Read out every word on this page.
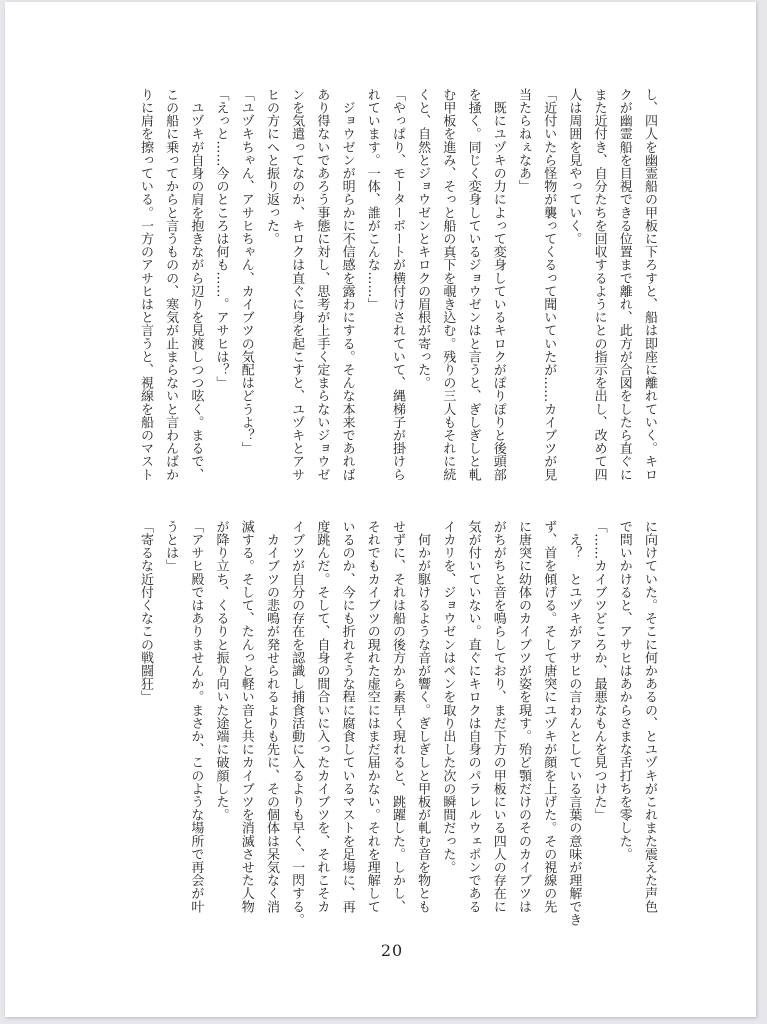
し、四人を幽霊船の甲板に下ろすと、船は即座に離れていく。キロ
クが幽霊船を目視できる位置まで離れ、此方が合図をしたら直ぐに
また近付き、自分たちを回収するようにとの指示を出し、改めて四
人は周囲を見やっていく。
「近付いたら怪物が襲ってくるって聞いていたが……カイブツが見
当たらねぇなあ」
　既にユヅキの力によって変身しているキロクがぽりぽりと後頭部
を掻く。同じく変身しているジョウゼンはと言うと、ぎしぎしと軋
む甲板を進み、そっと船の真下を覗き込む。残りの三人もそれに続
くと、自然とジョウゼンとキロクの眉根が寄った。
「やっぱり、モーターボートが横付けされていて、縄梯子が掛けら
れています。一体、誰がこんな……」
　ジョウゼンが明らかに不信感を露わにする。そんな本来であれば
あり得ないであろう事態に対し、思考が上手く定まらないジョウゼ
ンを気遣ってなのか、キロクは直ぐに身を起こすと、ユヅキとアサ
ヒの方にへと振り返った。
「ユヅキちゃん、アサヒちゃん、カイブツの気配はどうよ？」
「えっと……今のところは何も……。アサヒは？」
　ユヅキが自身の肩を抱きながら辺りを見渡しつつ呟く。まるで、
この船に乗ってからと言うものの、寒気が止まらないと言わんばか
りに肩を擦っている。一方のアサヒはと言うと、視線を船のマスト
に向けていた。そこに何かあるの、とユヅキがこれまた震えた声色
で問いかけると、アサヒはあからさまな舌打ちを零した。
「……カイブツどころか、最悪なもんを見つけた」
　え？　とユヅキがアサヒの言わんとしている言葉の意味が理解でき
ず、首を傾げる。そして唐突にユヅキが顔を上げた。その視線の先
に唐突に幼体のカイブツが姿を現す。殆ど顎だけのそのカイブツは
がちがちと音を鳴らしており、まだ下方の甲板にいる四人の存在に
気が付いていない。直ぐにキロクは自身のパラレルウェポンである
イカリを、ジョウゼンはペンを取り出した次の瞬間だった。
　何かが駆けるような音が響く。ぎしぎしと甲板が軋む音を物とも
せずに、それは船の後方から素早く現れると、跳躍した。しかし、
それでもカイブツの現れた虚空にはまだ届かない。それを理解して
いるのか、今にも折れそうな程に腐食しているマストを足場に、再
度跳んだ。そして、自身の間合いに入ったカイブツを、それこそカ
イブツが自分の存在を認識し捕食活動に入るよりも早く、一閃する。
　カイブツの悲鳴が発せられるよりも先に、その個体は呆気なく消
滅する。そして、たんっと軽い音と共にカイブツを消滅させた人物
が降り立ち、くるりと振り向いた途端に破顔した。
「アサヒ殿ではありませんか。まさか、このような場所で再会が叶
うとは」
「寄るな近付くなこの戦闘狂」
20
